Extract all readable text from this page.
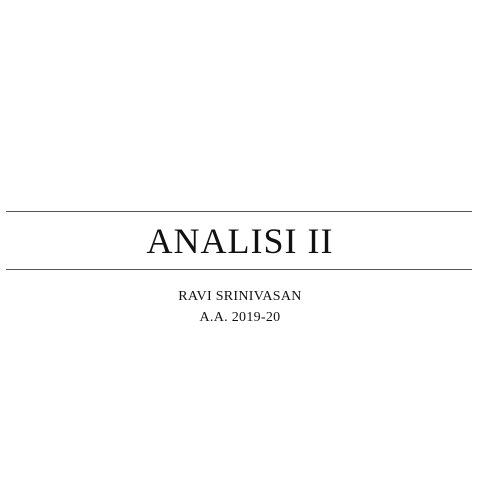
ANALISI II
RAVI SRINIVASAN
A.A. 2019-20
